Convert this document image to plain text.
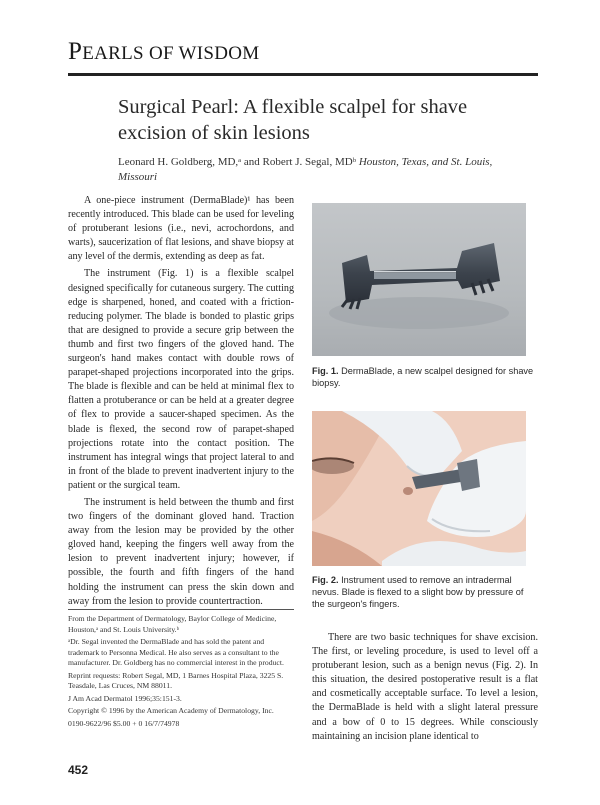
PEARLS OF WISDOM
Surgical Pearl: A flexible scalpel for shave excision of skin lesions
Leonard H. Goldberg, MD,ᵃ and Robert J. Segal, MDᵇ Houston, Texas, and St. Louis, Missouri

A one-piece instrument (DermaBlade)¹ has been recently introduced. This blade can be used for leveling of protuberant lesions (i.e., nevi, acrochordons, and warts), saucerization of flat lesions, and shave biopsy at any level of the dermis, extending as deep as fat.

The instrument (Fig. 1) is a flexible scalpel designed specifically for cutaneous surgery. The cutting edge is sharpened, honed, and coated with a friction-reducing polymer. The blade is bonded to plastic grips that are designed to provide a secure grip between the thumb and first two fingers of the gloved hand. The surgeon's hand makes contact with double rows of parapet-shaped projections incorporated into the grips. The blade is flexible and can be held at minimal flex to flatten a protuberance or can be held at a greater degree of flex to provide a saucer-shaped specimen. As the blade is flexed, the second row of parapet-shaped projections rotate into the contact position. The instrument has integral wings that project lateral to and in front of the blade to prevent inadvertent injury to the patient or the surgical team.

The instrument is held between the thumb and first two fingers of the dominant gloved hand. Traction away from the lesion may be provided by the other gloved hand, keeping the fingers well away from the lesion to prevent inadvertent injury; however, if possible, the fourth and fifth fingers of the hand holding the instrument can press the skin down and away from the lesion to provide countertraction.

Fig. 1. DermaBlade, a new scalpel designed for shave biopsy.
Fig. 2. Instrument used to remove an intradermal nevus. Blade is flexed to a slight bow by pressure of the surgeon's fingers.

From the Department of Dermatology, Baylor College of Medicine, Houston,ᵃ and St. Louis University.ᵇ

ᵃDr. Segal invented the DermaBlade and has sold the patent and trademark to Personna Medical. He also serves as a consultant to the manufacturer. Dr. Goldberg has no commercial interest in the product.

Reprint requests: Robert Segal, MD, 1 Barnes Hospital Plaza, 3225 S. Teasdale, Las Cruces, NM 88011.

J Am Acad Dermatol 1996;35:151-3.

Copyright © 1996 by the American Academy of Dermatology, Inc.

0190-9622/96 $5.00 + 0 16/7/74978

There are two basic techniques for shave excision. The first, or leveling procedure, is used to level off a protuberant lesion, such as a benign nevus (Fig. 2). In this situation, the desired postoperative result is a flat and cosmetically acceptable surface. To level a lesion, the DermaBlade is held with a slight lateral pressure and a bow of 0 to 15 degrees. While consciously maintaining an incision plane identical to

452
